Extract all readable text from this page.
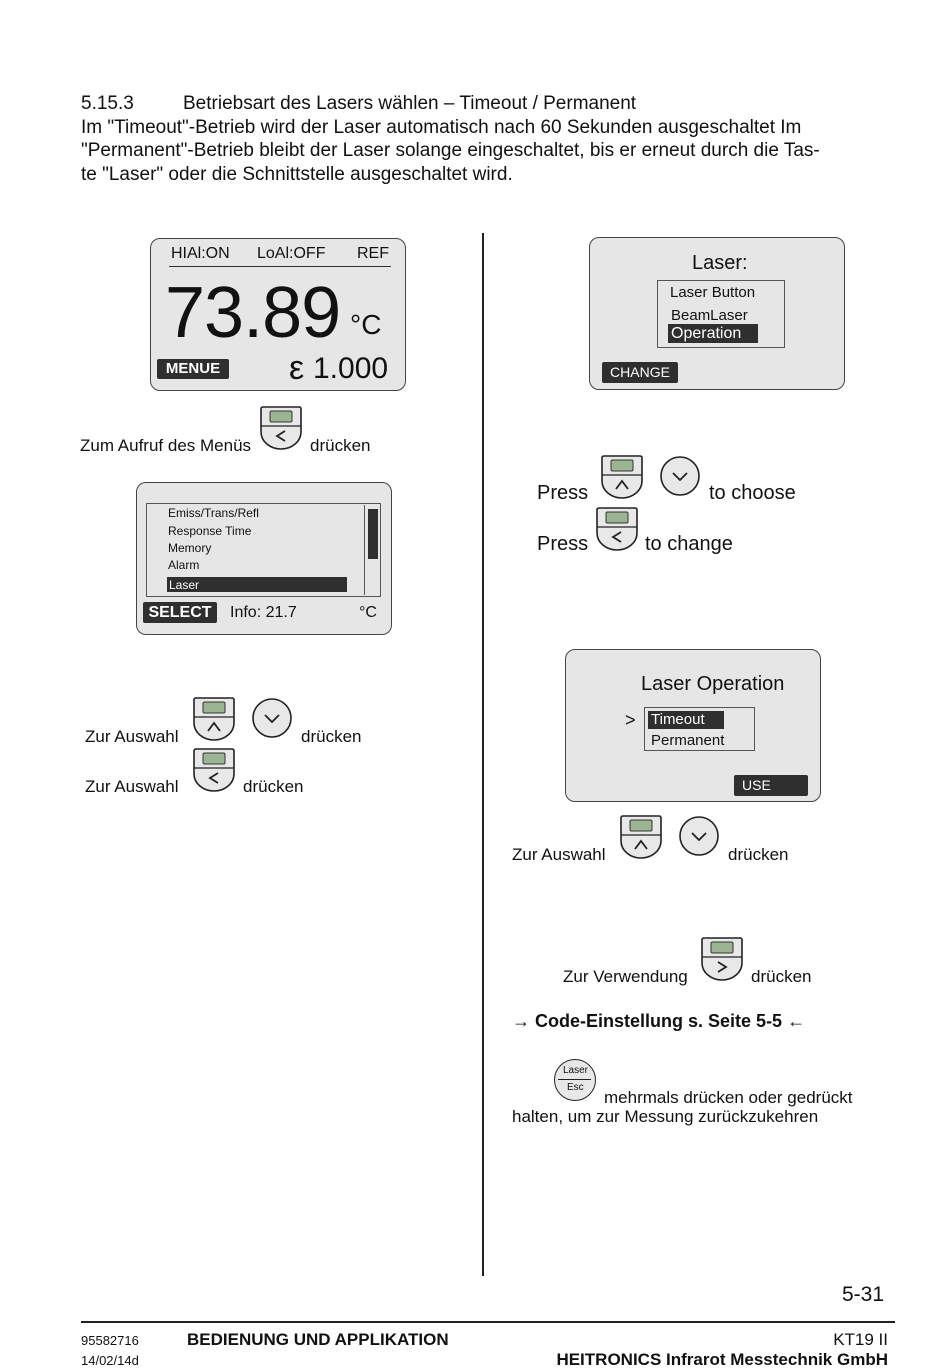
5.15.3	Betriebsart des Lasers wählen – Timeout / Permanent
Im "Timeout"-Betrieb wird der Laser automatisch nach 60 Sekunden ausgeschaltet Im
"Permanent"-Betrieb bleibt der Laser solange eingeschaltet, bis er erneut durch die Tas-
te "Laser" oder die Schnittstelle ausgeschaltet wird.
HIAl:ON LoAl:OFF REF
73.89 °C
MENUE ε 1.000
Zum Aufruf des Menüs	drücken
Emiss/Trans/Refl
Response Time
Memory
Alarm
Laser
SELECT	Info: 21.7	°C
Zur Auswahl	drücken
Zur Auswahl	drücken
Laser:
Laser Button
BeamLaser
Operation
CHANGE
Press	to choose
Press	to change
Laser Operation
> Timeout
Permanent
USE
Zur Auswahl	drücken
Zur Verwendung	drücken
→ Code-Einstellung s. Seite 5-5 ←
Laser
Esc
mehrmals drücken oder gedrückt
halten, um zur Messung zurückzukehren
5-31
95582716
14/02/14d
BEDIENUNG UND APPLIKATION	KT19 II
HEITRONICS Infrarot Messtechnik GmbH
